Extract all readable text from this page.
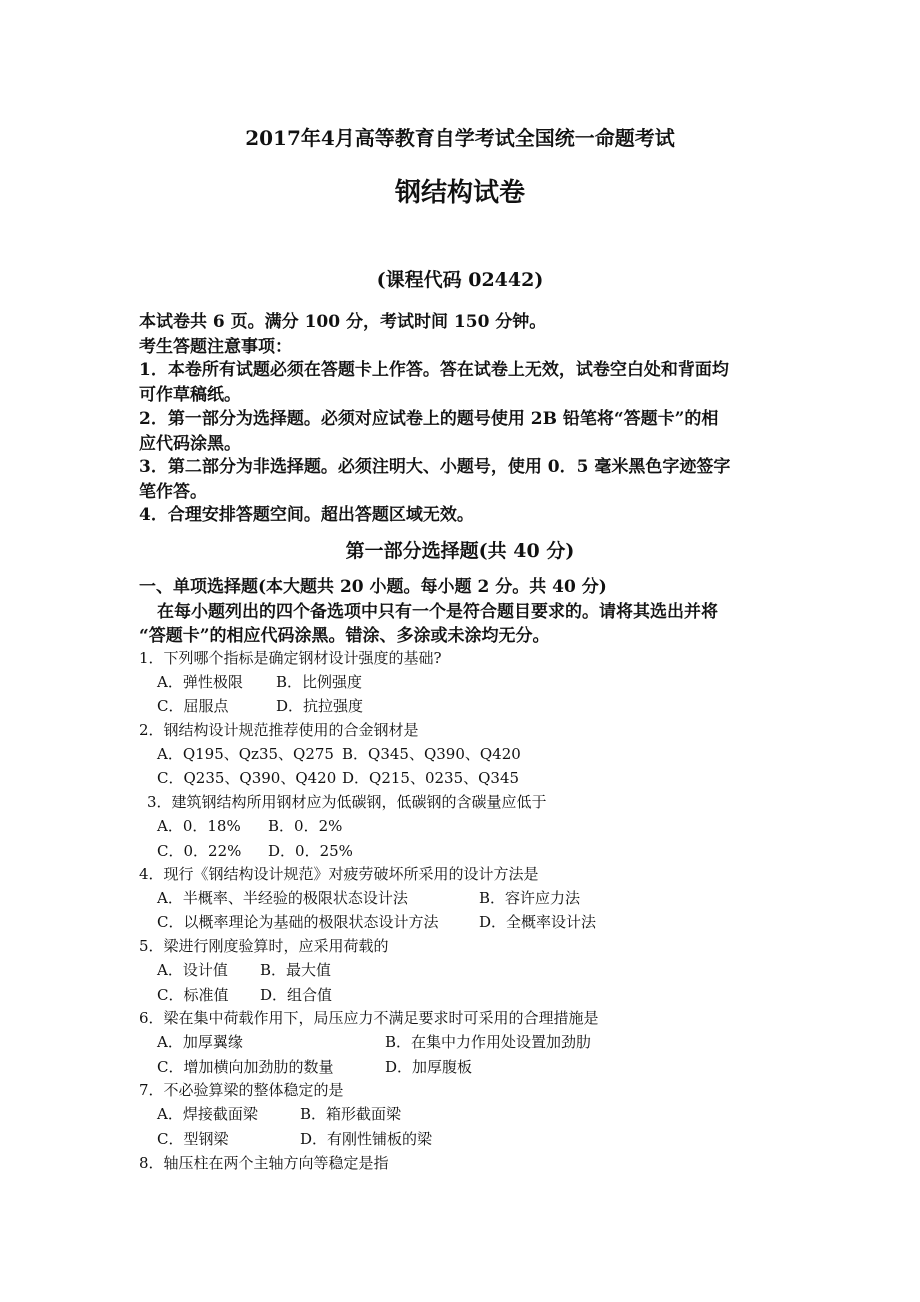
2017年4月高等教育自学考试全国统一命题考试
钢结构试卷
(课程代码 02442)
本试卷共 6 页。满分 100 分，考试时间 150 分钟。
考生答题注意事项：
1．本卷所有试题必须在答题卡上作答。答在试卷上无效，试卷空白处和背面均
可作草稿纸。
2．第一部分为选择题。必须对应试卷上的题号使用 2B 铅笔将“答题卡”的相
应代码涂黑。
3．第二部分为非选择题。必须注明大、小题号，使用 0．5 毫米黑色字迹签字
笔作答。
4．合理安排答题空间。超出答题区域无效。
第一部分选择题(共 40 分)
一、单项选择题(本大题共 20 小题。每小题 2 分。共 40 分)
在每小题列出的四个备选项中只有一个是符合题目要求的。请将其选出并将
“答题卡”的相应代码涂黑。错涂、多涂或未涂均无分。
1．下列哪个指标是确定钢材设计强度的基础?
A．弹性极限 B．比例强度
C．屈服点	D．抗拉强度
2．钢结构设计规范推荐使用的合金钢材是
A．Q195、Qz35、Q275 B．Q345、Q390、Q420
C．Q235、Q390、Q420 D．Q215、0235、Q345
3．建筑钢结构所用钢材应为低碳钢，低碳钢的含碳量应低于
A．0．18% B．0．2%
C．0．22% D．0．25%
4．现行《钢结构设计规范》对疲劳破坏所采用的设计方法是
A．半概率、半经验的极限状态设计法	B．容许应力法
C．以概率理论为基础的极限状态设计方法	D．全概率设计法
5．梁进行刚度验算时，应采用荷载的
A．设计值 B．最大值
C．标准值 D．组合值
6．梁在集中荷载作用下，局压应力不满足要求时可采用的合理措施是
A．加厚翼缘	B．在集中力作用处设置加劲肋
C．增加横向加劲肋的数量	D．加厚腹板
7．不必验算梁的整体稳定的是
A．焊接截面梁	B．箱形截面梁
C．型钢梁	D．有刚性铺板的梁
8．轴压柱在两个主轴方向等稳定是指
